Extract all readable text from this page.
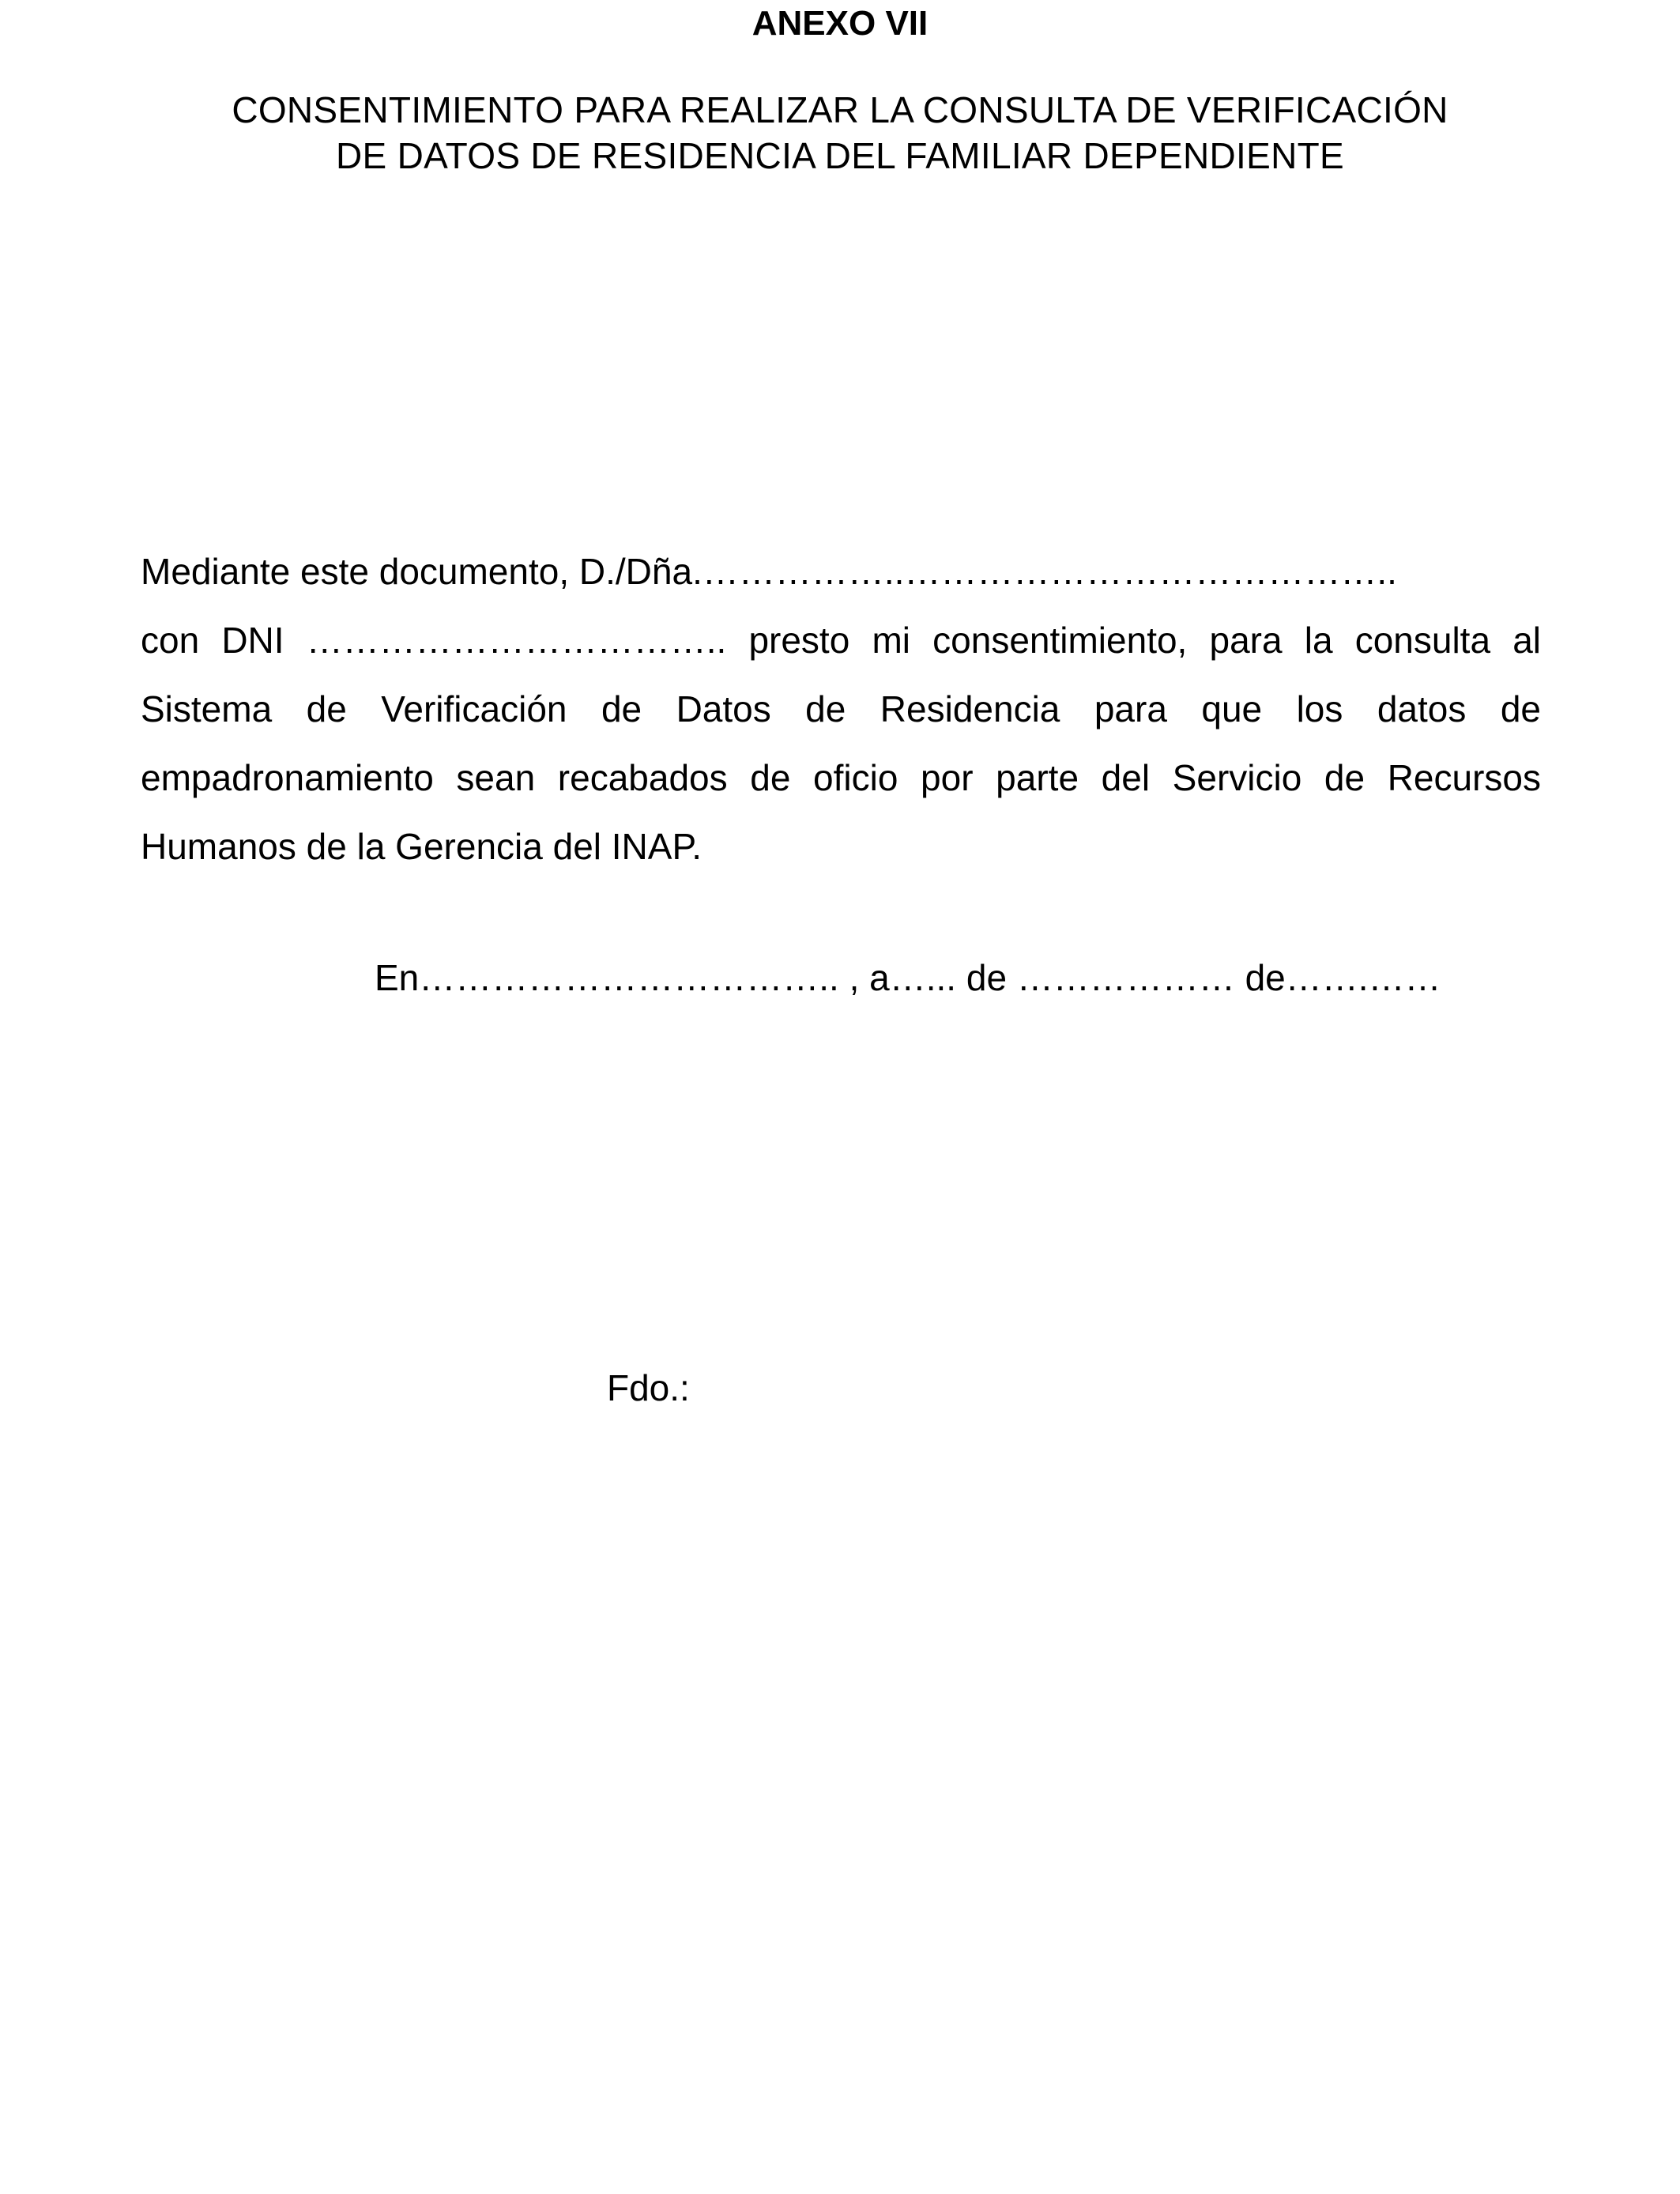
ANEXO VII
CONSENTIMIENTO PARA REALIZAR LA CONSULTA DE VERIFICACIÓN
DE DATOS DE RESIDENCIA DEL FAMILIAR DEPENDIENTE
Mediante este documento, D./Dña.……………..…………………………………..
con DNI …………………………….. presto mi consentimiento, para la consulta al Sistema de Verificación de Datos de Residencia para que los datos de empadronamiento sean recabados de oficio por parte del Servicio de Recursos Humanos de la Gerencia del INAP.
En…………………………….. , a…... de ……………… de…….……
Fdo.:
